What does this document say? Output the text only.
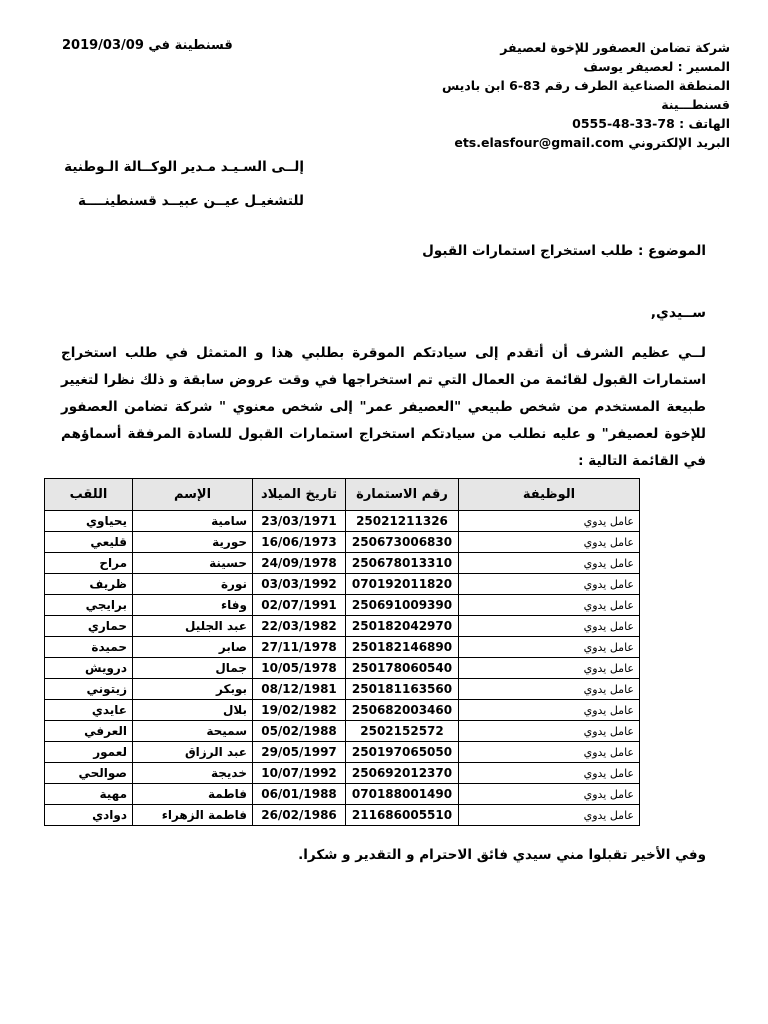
شركة تضامن العصفور للإخوة لعصيفر
المسير : لعصيفر يوسف
المنطقة الصناعية الطرف رقم 83-6 ابن باديس
قسنطـــينة
الهاتف : 78-33-48-0555
البريد الإلكتروني ets.elasfour@gmail.com
قسنطينة في 2019/03/09
إلــى السـيـد مـدير الوكــالة الـوطنية
للتشغيـل عيــن عبيــد قسنطينــــة
الموضوع : طلب استخراج استمارات القبول
ســيدي,
لــي عظيم الشرف أن أتقدم إلى سيادتكم الموقرة بطلبي هذا و المتمثل في طلب استخراج استمارات القبول لقائمة من العمال التي تم استخراجها في وقت عروض سابقة و ذلك نظرا لتغيير طبيعة المستخدم من شخص طبيعي "العصيفر عمر" إلى شخص معنوي " شركة تضامن العصفور للإخوة لعصيفر" و عليه نطلب من سيادتكم استخراج استمارات القبول للسادة المرفقة أسماؤهم في القائمة التالية :
الوظيفة	رقم الاستمارة	تاريخ الميلاد	الإسم	اللقب
عامل يدوي	25021211326	23/03/1971	سامية	يحياوي
عامل يدوي	250673006830	16/06/1973	حورية	قليعي
عامل يدوي	250678013310	24/09/1978	حسينة	مراح
عامل يدوي	070192011820	03/03/1992	نورة	ظريف
عامل يدوي	250691009390	02/07/1991	وفاء	برايجي
عامل يدوي	250182042970	22/03/1982	عبد الجليل	حماري
عامل يدوي	250182146890	27/11/1978	صابر	حميدة
عامل يدوي	250178060540	10/05/1978	جمال	درويش
عامل يدوي	250181163560	08/12/1981	بوبكر	زيتوني
عامل يدوي	250682003460	19/02/1982	بلال	عايدي
عامل يدوي	2502152572	05/02/1988	سميحة	العرفي
عامل يدوي	250197065050	29/05/1997	عبد الرزاق	لعمور
عامل يدوي	250692012370	10/07/1992	خديجة	صوالحي
عامل يدوي	070188001490	06/01/1988	فاطمة	مهية
عامل يدوي	211686005510	26/02/1986	فاطمة الزهراء	دوادي
وفي الأخير تقبلوا مني سيدي فائق الاحترام و التقدير و شكرا.
